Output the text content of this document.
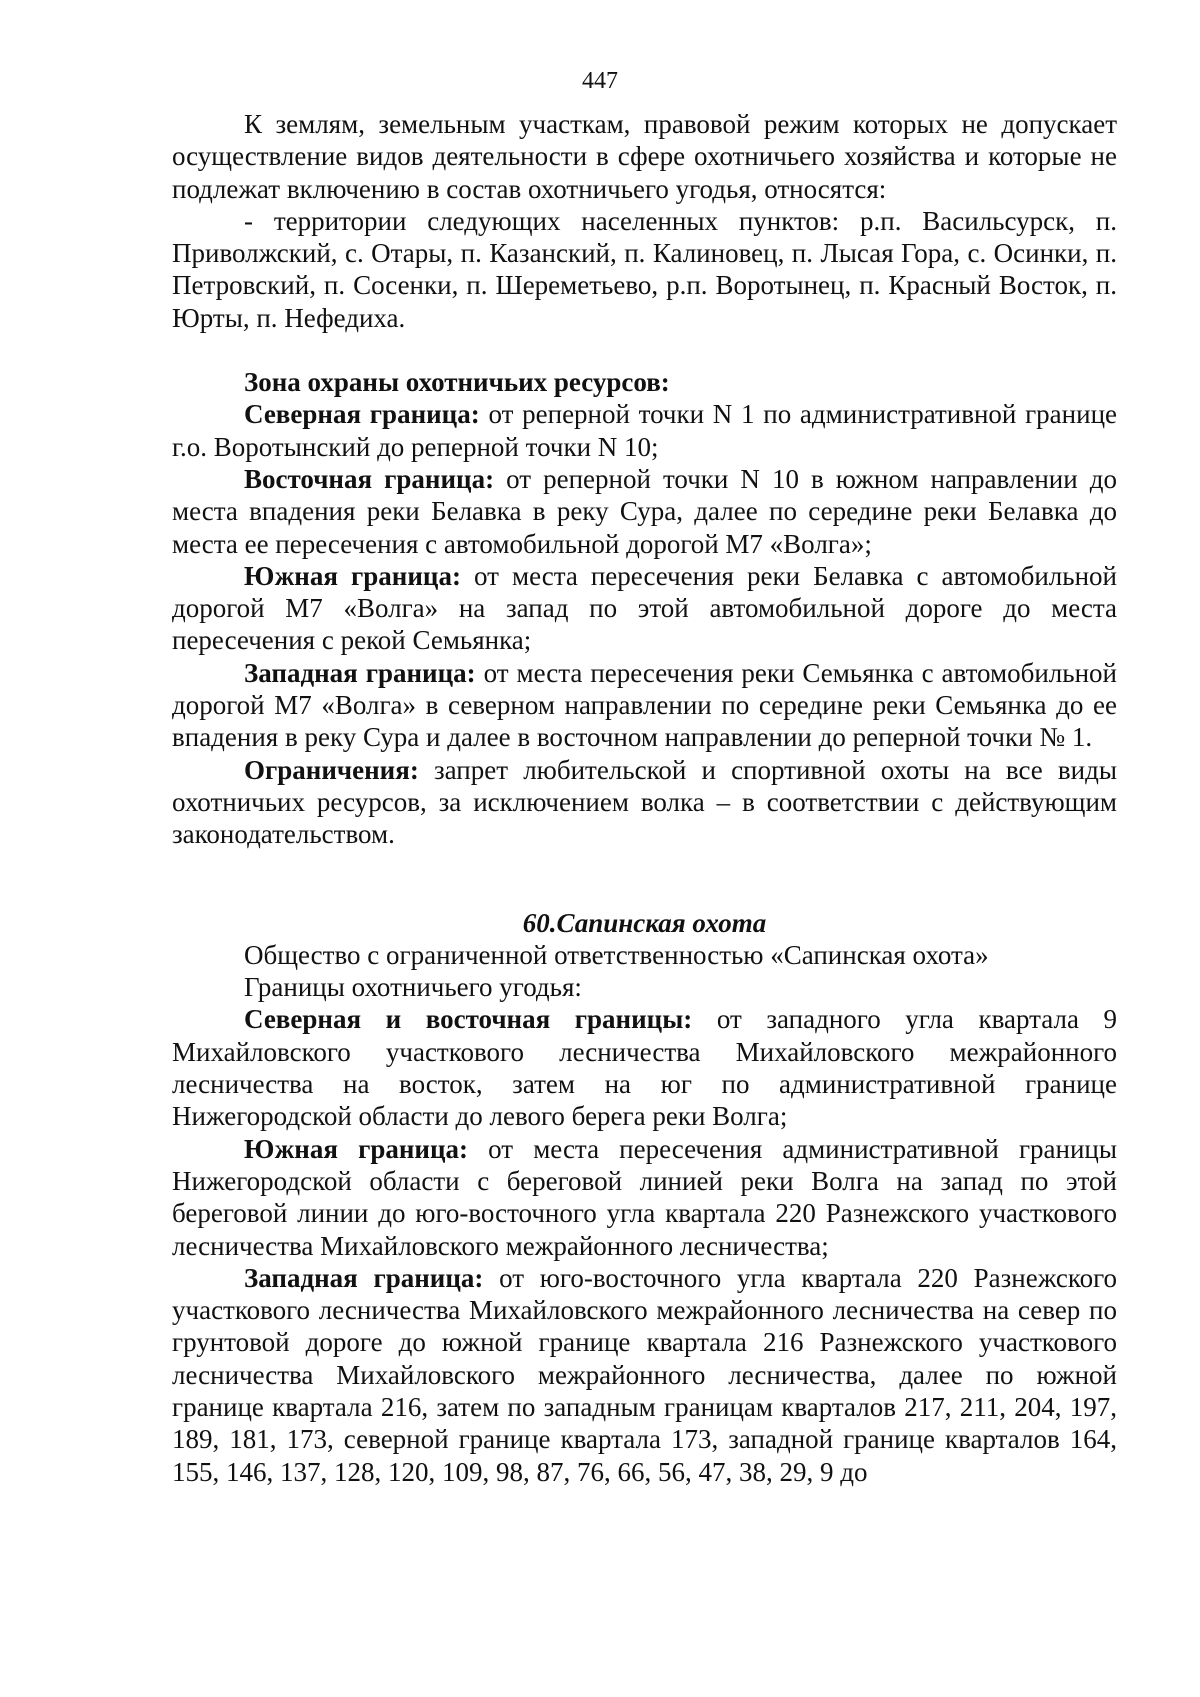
447

К землям, земельным участкам, правовой режим которых не допускает осуществление видов деятельности в сфере охотничьего хозяйства и которые не подлежат включению в состав охотничьего угодья, относятся:

- территории следующих населенных пунктов: р.п. Васильсурск, п. Приволжский, с. Отары, п. Казанский, п. Калиновец, п. Лысая Гора, с. Осинки, п. Петровский, п. Сосенки, п. Шереметьево, р.п. Воротынец, п. Красный Восток, п. Юрты, п. Нефедиха.

Зона охраны охотничьих ресурсов:

Северная граница: от реперной точки N 1 по административной границе г.о. Воротынский до реперной точки N 10;

Восточная граница: от реперной точки N 10 в южном направлении до места впадения реки Белавка в реку Сура, далее по середине реки Белавка до места ее пересечения с автомобильной дорогой М7 «Волга»;

Южная граница: от места пересечения реки Белавка с автомобильной дорогой М7 «Волга» на запад по этой автомобильной дороге до места пересечения с рекой Семьянка;

Западная граница: от места пересечения реки Семьянка с автомобильной дорогой М7 «Волга» в северном направлении по середине реки Семьянка до ее впадения в реку Сура и далее в восточном направлении до реперной точки № 1.

Ограничения: запрет любительской и спортивной охоты на все виды охотничьих ресурсов, за исключением волка – в соответствии с действующим законодательством.

60.Сапинская охота

Общество с ограниченной ответственностью «Сапинская охота»

Границы охотничьего угодья:

Северная и восточная границы: от западного угла квартала 9 Михайловского участкового лесничества Михайловского межрайонного лесничества на восток, затем на юг по административной границе Нижегородской области до левого берега реки Волга;

Южная граница: от места пересечения административной границы Нижегородской области с береговой линией реки Волга на запад по этой береговой линии до юго-восточного угла квартала 220 Разнежского участкового лесничества Михайловского межрайонного лесничества;

Западная граница: от юго-восточного угла квартала 220 Разнежского участкового лесничества Михайловского межрайонного лесничества на север по грунтовой дороге до южной границе квартала 216 Разнежского участкового лесничества Михайловского межрайонного лесничества, далее по южной границе квартала 216, затем по западным границам кварталов 217, 211, 204, 197, 189, 181, 173, северной границе квартала 173, западной границе кварталов 164, 155, 146, 137, 128, 120, 109, 98, 87, 76, 66, 56, 47, 38, 29, 9 до
